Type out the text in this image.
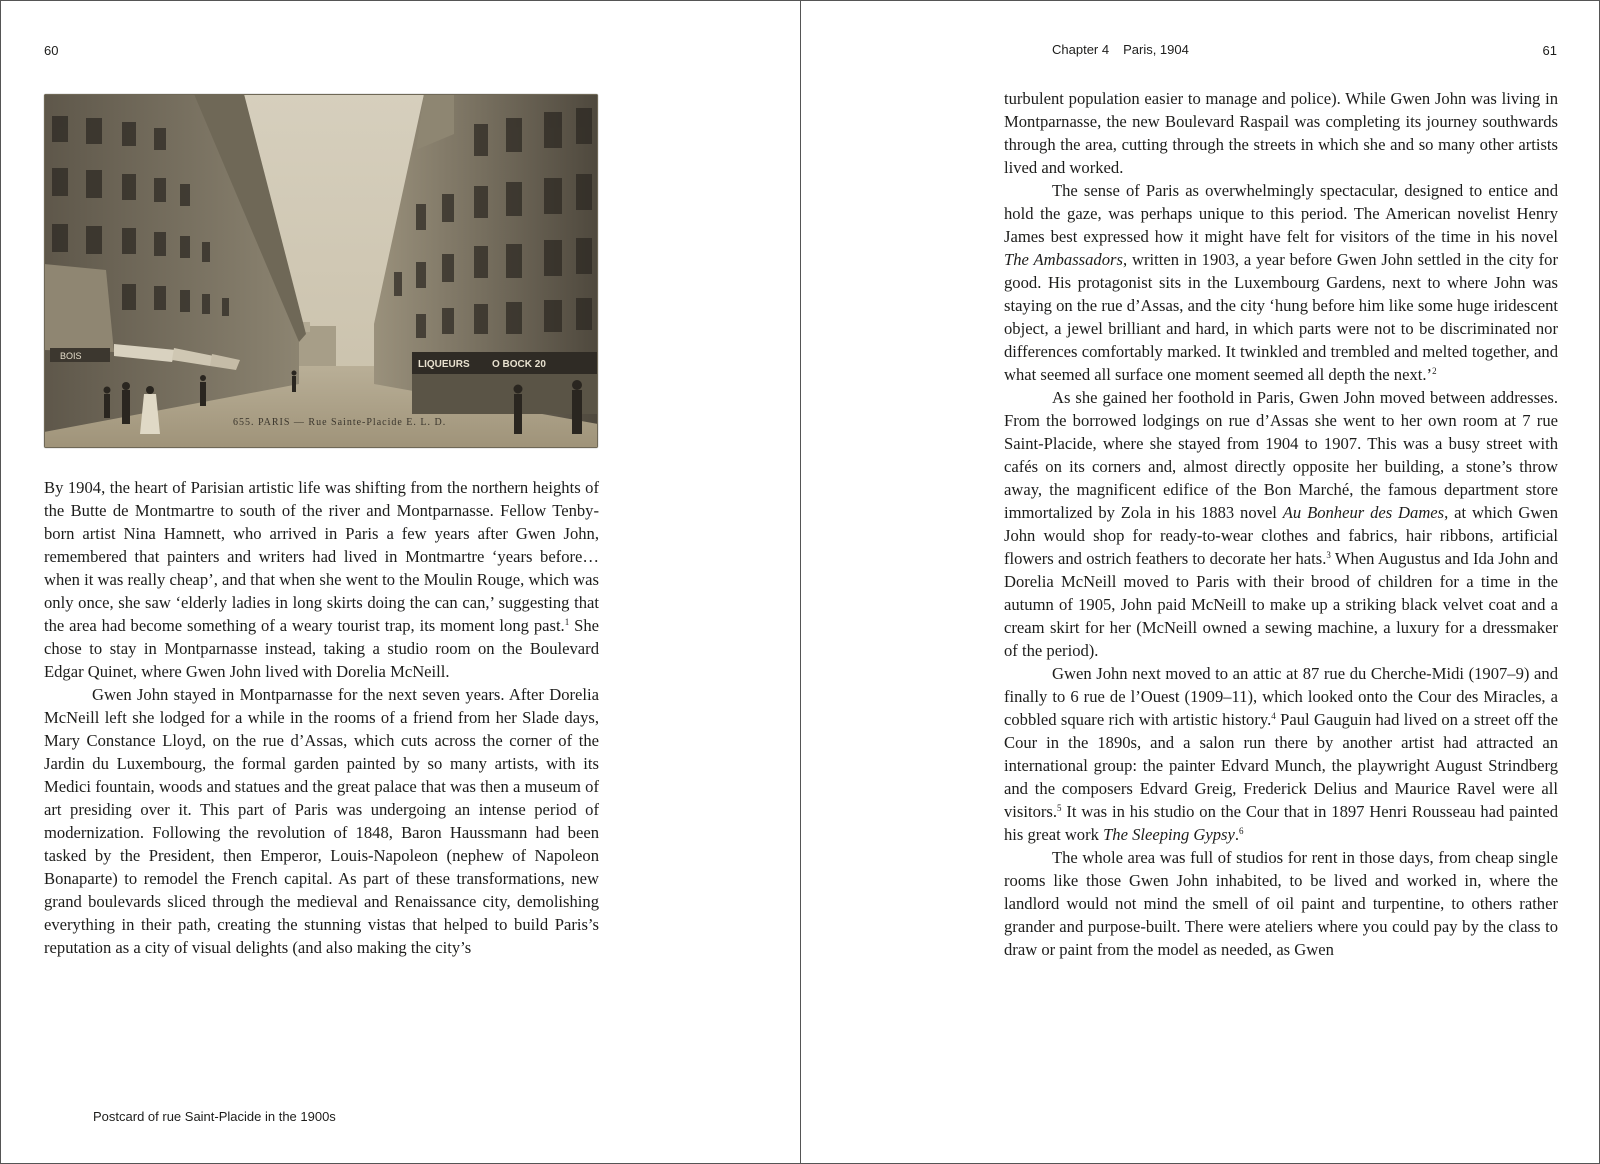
60
BOIS
LIQUEURS O BOCK 20
655. PARIS — Rue Sainte-Placide E. L. D.

By 1904, the heart of Parisian artistic life was shifting from the northern heights of the Butte de Montmartre to south of the river and Montparnasse. Fellow Tenby-born artist Nina Hamnett, who arrived in Paris a few years after Gwen John, remembered that painters and writers had lived in Montmartre ‘years before…when it was really cheap’, and that when she went to the Moulin Rouge, which was only once, she saw ‘elderly ladies in long skirts doing the can can,’ suggesting that the area had become something of a weary tourist trap, its moment long past.$^1$ She chose to stay in Montparnasse instead, taking a studio room on the Boulevard Edgar Quinet, where Gwen John lived with Dorelia McNeill.

Gwen John stayed in Montparnasse for the next seven years. After Dorelia McNeill left she lodged for a while in the rooms of a friend from her Slade days, Mary Constance Lloyd, on the rue d’Assas, which cuts across the corner of the Jardin du Luxembourg, the formal garden painted by so many artists, with its Medici fountain, woods and statues and the great palace that was then a museum of art presiding over it. This part of Paris was undergoing an intense period of modernization. Following the revolution of 1848, Baron Haussmann had been tasked by the President, then Emperor, Louis-Napoleon (nephew of Napoleon Bonaparte) to remodel the French capital. As part of these transformations, new grand boulevards sliced through the medieval and Renaissance city, demolishing everything in their path, creating the stunning vistas that helped to build Paris’s reputation as a city of visual delights (and also making the city’s

Postcard of rue Saint-Placide in the 1900s
61
Chapter 4 Paris, 1904

turbulent population easier to manage and police). While Gwen John was living in Montparnasse, the new Boulevard Raspail was completing its journey southwards through the area, cutting through the streets in which she and so many other artists lived and worked.

The sense of Paris as overwhelmingly spectacular, designed to entice and hold the gaze, was perhaps unique to this period. The American novelist Henry James best expressed how it might have felt for visitors of the time in his novel The Ambassadors, written in 1903, a year before Gwen John settled in the city for good. His protagonist sits in the Luxembourg Gardens, next to where John was staying on the rue d’Assas, and the city ‘hung before him like some huge iridescent object, a jewel brilliant and hard, in which parts were not to be discriminated nor differences comfortably marked. It twinkled and trembled and melted together, and what seemed all surface one moment seemed all depth the next.’$^2$

As she gained her foothold in Paris, Gwen John moved between addresses. From the borrowed lodgings on rue d’Assas she went to her own room at 7 rue Saint-Placide, where she stayed from 1904 to 1907. This was a busy street with cafés on its corners and, almost directly opposite her building, a stone’s throw away, the magnificent edifice of the Bon Marché, the famous department store immortalized by Zola in his 1883 novel Au Bonheur des Dames, at which Gwen John would shop for ready-to-wear clothes and fabrics, hair ribbons, artificial flowers and ostrich feathers to decorate her hats.$^3$ When Augustus and Ida John and Dorelia McNeill moved to Paris with their brood of children for a time in the autumn of 1905, John paid McNeill to make up a striking black velvet coat and a cream skirt for her (McNeill owned a sewing machine, a luxury for a dressmaker of the period).

Gwen John next moved to an attic at 87 rue du Cherche-Midi (1907–9) and finally to 6 rue de l’Ouest (1909–11), which looked onto the Cour des Miracles, a cobbled square rich with artistic history.$^4$ Paul Gauguin had lived on a street off the Cour in the 1890s, and a salon run there by another artist had attracted an international group: the painter Edvard Munch, the playwright August Strindberg and the composers Edvard Greig, Frederick Delius and Maurice Ravel were all visitors.$^5$ It was in his studio on the Cour that in 1897 Henri Rousseau had painted his great work The Sleeping Gypsy.$^6$

The whole area was full of studios for rent in those days, from cheap single rooms like those Gwen John inhabited, to be lived and worked in, where the landlord would not mind the smell of oil paint and turpentine, to others rather grander and purpose-built. There were ateliers where you could pay by the class to draw or paint from the model as needed, as Gwen
